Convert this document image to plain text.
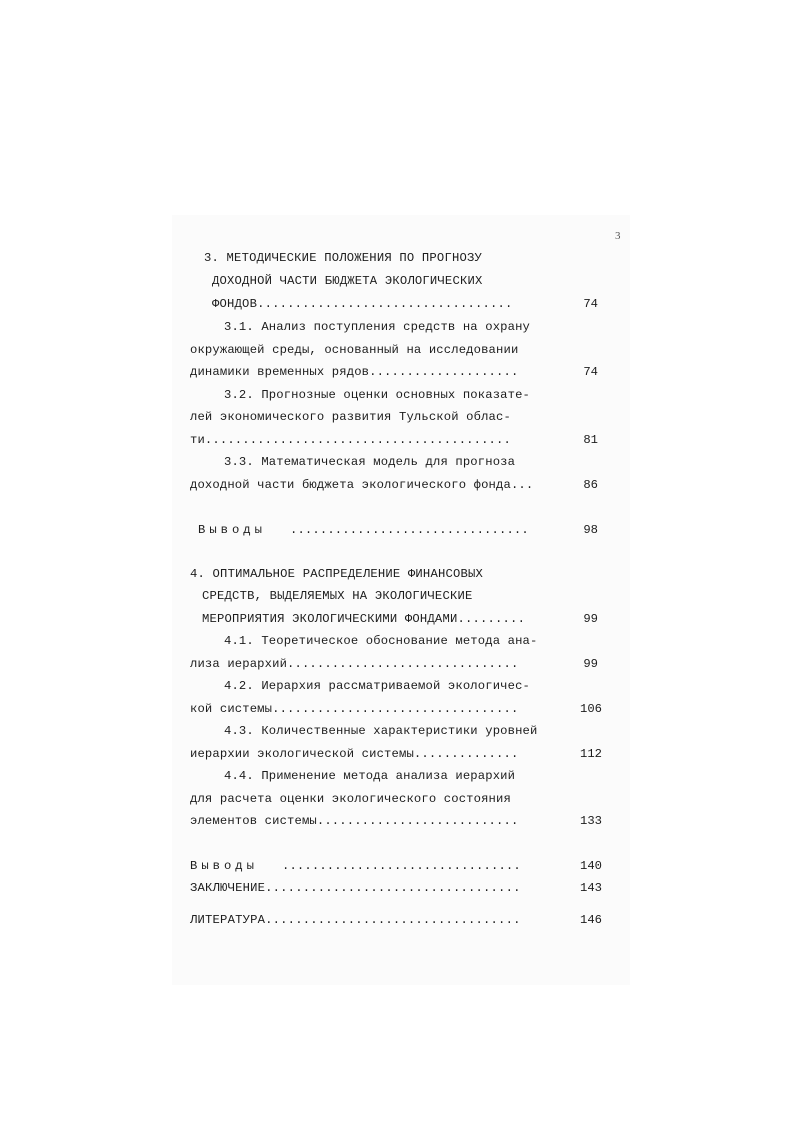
3
3. МЕТОДИЧЕСКИЕ ПОЛОЖЕНИЯ ПО ПРОГНОЗУ
ДОХОДНОЙ ЧАСТИ БЮДЖЕТА ЭКОЛОГИЧЕСКИХ
ФОНДОВ..................................	74
3.1. Анализ поступления средств на охрану
окружающей среды, основанный на исследовании
динамики временных рядов....................	74
3.2. Прогнозные оценки основных показате-
лей экономического развития Тульской облас-
ти.........................................	81
3.3. Математическая модель для прогноза
доходной части бюджета экологического фонда...	86
Выводы ................................	98
4. ОПТИМАЛЬНОЕ РАСПРЕДЕЛЕНИЕ ФИНАНСОВЫХ
СРЕДСТВ, ВЫДЕЛЯЕМЫХ НА ЭКОЛОГИЧЕСКИЕ
МЕРОПРИЯТИЯ ЭКОЛОГИЧЕСКИМИ ФОНДАМИ.........	99
4.1. Теоретическое обоснование метода ана-
лиза иерархий...............................	99
4.2. Иерархия рассматриваемой экологичес-
кой системы.................................	106
4.3. Количественные характеристики уровней
иерархии экологической системы..............	112
4.4. Применение метода анализа иерархий
для расчета оценки экологического состояния
элементов системы...........................	133
Выводы ................................	140
ЗАКЛЮЧЕНИЕ..................................	143
ЛИТЕРАТУРА..................................	146
